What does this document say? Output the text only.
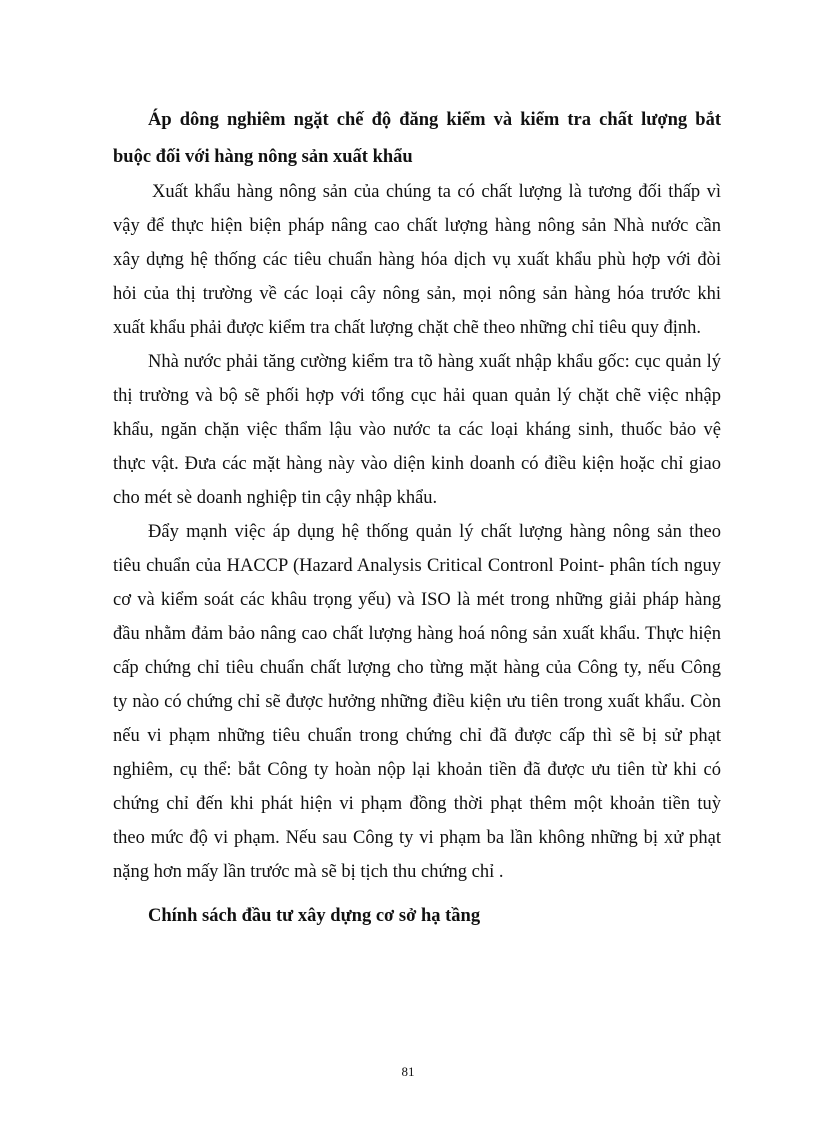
Áp dông nghiêm ngặt chế độ đăng kiểm và kiểm tra chất lượng bắt
buộc đối với hàng nông sản xuất khẩu
Xuất khẩu hàng nông sản của chúng ta có chất lượng là tương đối thấp vì
vậy để thực hiện biện pháp nâng cao chất lượng hàng nông sản Nhà nước cần
xây dựng hệ thống các tiêu chuẩn hàng hóa dịch vụ xuất khẩu phù hợp với đòi
hỏi của thị trường về các loại cây nông sản, mọi nông sản hàng hóa trước khi
xuất khẩu phải được kiểm tra chất lượng chặt chẽ theo những chỉ tiêu quy định.
Nhà nước phải tăng cường kiểm tra tõ hàng xuất nhập khẩu gốc: cục quản lý
thị trường và bộ sẽ phối hợp với tổng cục hải quan quản lý chặt chẽ việc nhập
khẩu, ngăn chặn việc thẩm lậu vào nước ta các loại kháng sinh, thuốc bảo vệ
thực vật. Đưa các mặt hàng này vào diện kinh doanh có điều kiện hoặc chỉ giao
cho mét sè doanh nghiệp tin cậy nhập khẩu.
Đẩy mạnh việc áp dụng hệ thống quản lý chất lượng hàng nông sản theo
tiêu chuẩn của HACCP (Hazard Analysis Critical Contronl Point- phân tích nguy
cơ và kiểm soát các khâu trọng yếu) và ISO là mét trong những giải pháp hàng
đầu nhằm đảm bảo nâng cao chất lượng hàng hoá nông sản xuất khẩu. Thực hiện
cấp chứng chỉ tiêu chuẩn chất lượng cho từng mặt hàng của Công ty, nếu Công
ty nào có chứng chỉ sẽ được hưởng những điều kiện ưu tiên trong xuất khẩu. Còn
nếu vi phạm những tiêu chuẩn trong chứng chỉ đã được cấp thì sẽ bị sử phạt
nghiêm, cụ thể: bắt Công ty hoàn nộp lại khoản tiền đã được ưu tiên từ khi có
chứng chỉ đến khi phát hiện vi phạm đồng thời phạt thêm một khoản tiền tuỳ
theo mức độ vi phạm. Nếu sau Công ty vi phạm ba lần không những bị xử phạt
nặng hơn mấy lần trước mà sẽ bị tịch thu chứng chỉ .
Chính sách đầu tư xây dựng cơ sở hạ tầng
81
